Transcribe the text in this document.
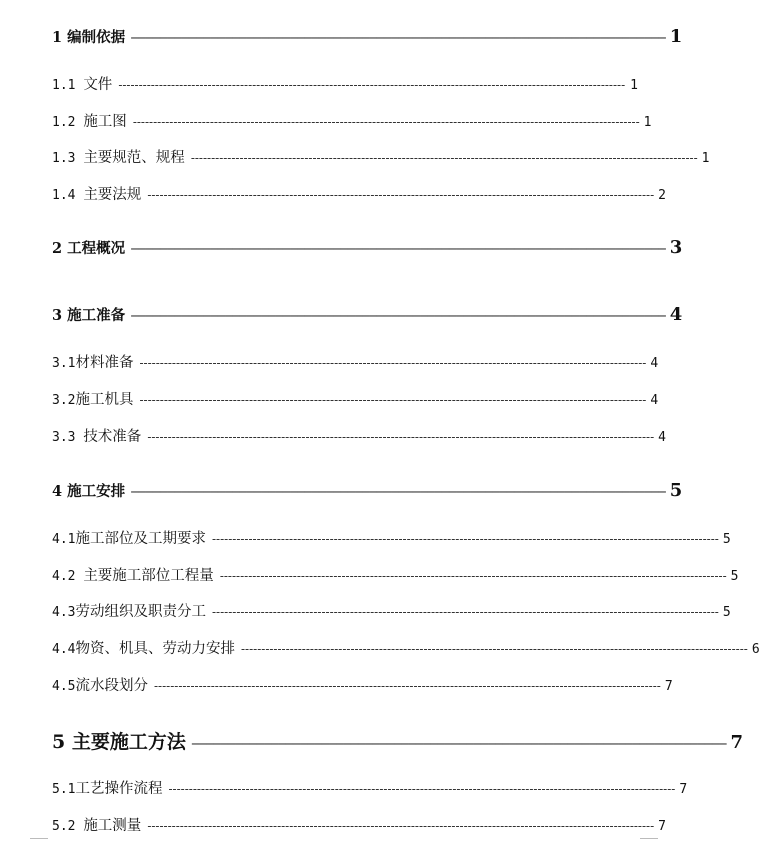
1 编制依据 ────────────────────────────────────────────────────────────────────────── 1
1.1 文件 ----------------------------------------------------------------------------------------------------------------------------- 1
1.2 施工图 ----------------------------------------------------------------------------------------------------------------------------- 1
1.3 主要规范、规程 ----------------------------------------------------------------------------------------------------------------------------- 1
1.4 主要法规 ----------------------------------------------------------------------------------------------------------------------------- 2
2 工程概况 ────────────────────────────────────────────────────────────────────────── 3
3 施工准备 ────────────────────────────────────────────────────────────────────────── 4
3.1材料准备 ----------------------------------------------------------------------------------------------------------------------------- 4
3.2施工机具 ----------------------------------------------------------------------------------------------------------------------------- 4
3.3 技术准备 ----------------------------------------------------------------------------------------------------------------------------- 4
4 施工安排 ────────────────────────────────────────────────────────────────────────── 5
4.1施工部位及工期要求 ----------------------------------------------------------------------------------------------------------------------------- 5
4.2 主要施工部位工程量 ----------------------------------------------------------------------------------------------------------------------------- 5
4.3劳动组织及职责分工 ----------------------------------------------------------------------------------------------------------------------------- 5
4.4物资、机具、劳动力安排 ----------------------------------------------------------------------------------------------------------------------------- 6
4.5流水段划分 ----------------------------------------------------------------------------------------------------------------------------- 7
5 主要施工方法 ────────────────────────────────────────────────────────────────────────── 7
5.1工艺操作流程 ----------------------------------------------------------------------------------------------------------------------------- 7
5.2 施工测量 ----------------------------------------------------------------------------------------------------------------------------- 7
